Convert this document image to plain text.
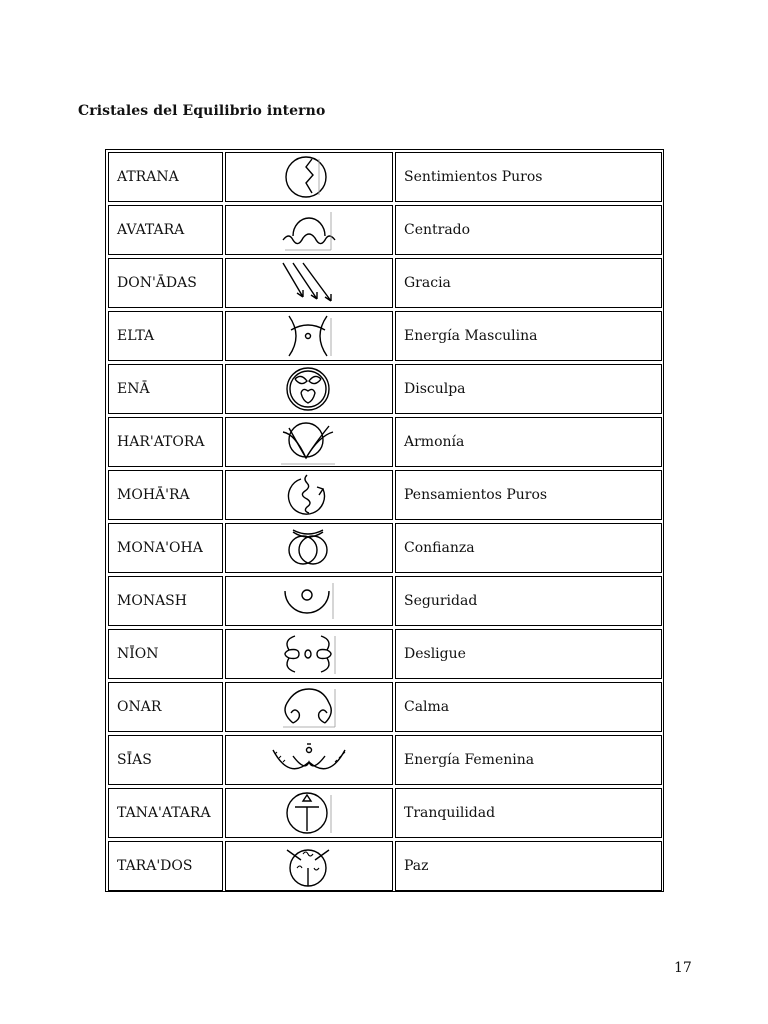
Cristales del Equilibrio interno
ATRANA	Sentimientos Puros
AVATARA	Centrado
DON'ĀDAS	Gracia
ELTA	Energía Masculina
ENĀ	Disculpa
HAR'ATORA	Armonía
MOHĀ'RA	Pensamientos Puros
MONA'OHA	Confianza
MONASH	Seguridad
NĪON	Desligue
ONAR	Calma
SĪAS	Energía Femenina
TANA'ATARA	Tranquilidad
TARA'DOS	Paz
17
